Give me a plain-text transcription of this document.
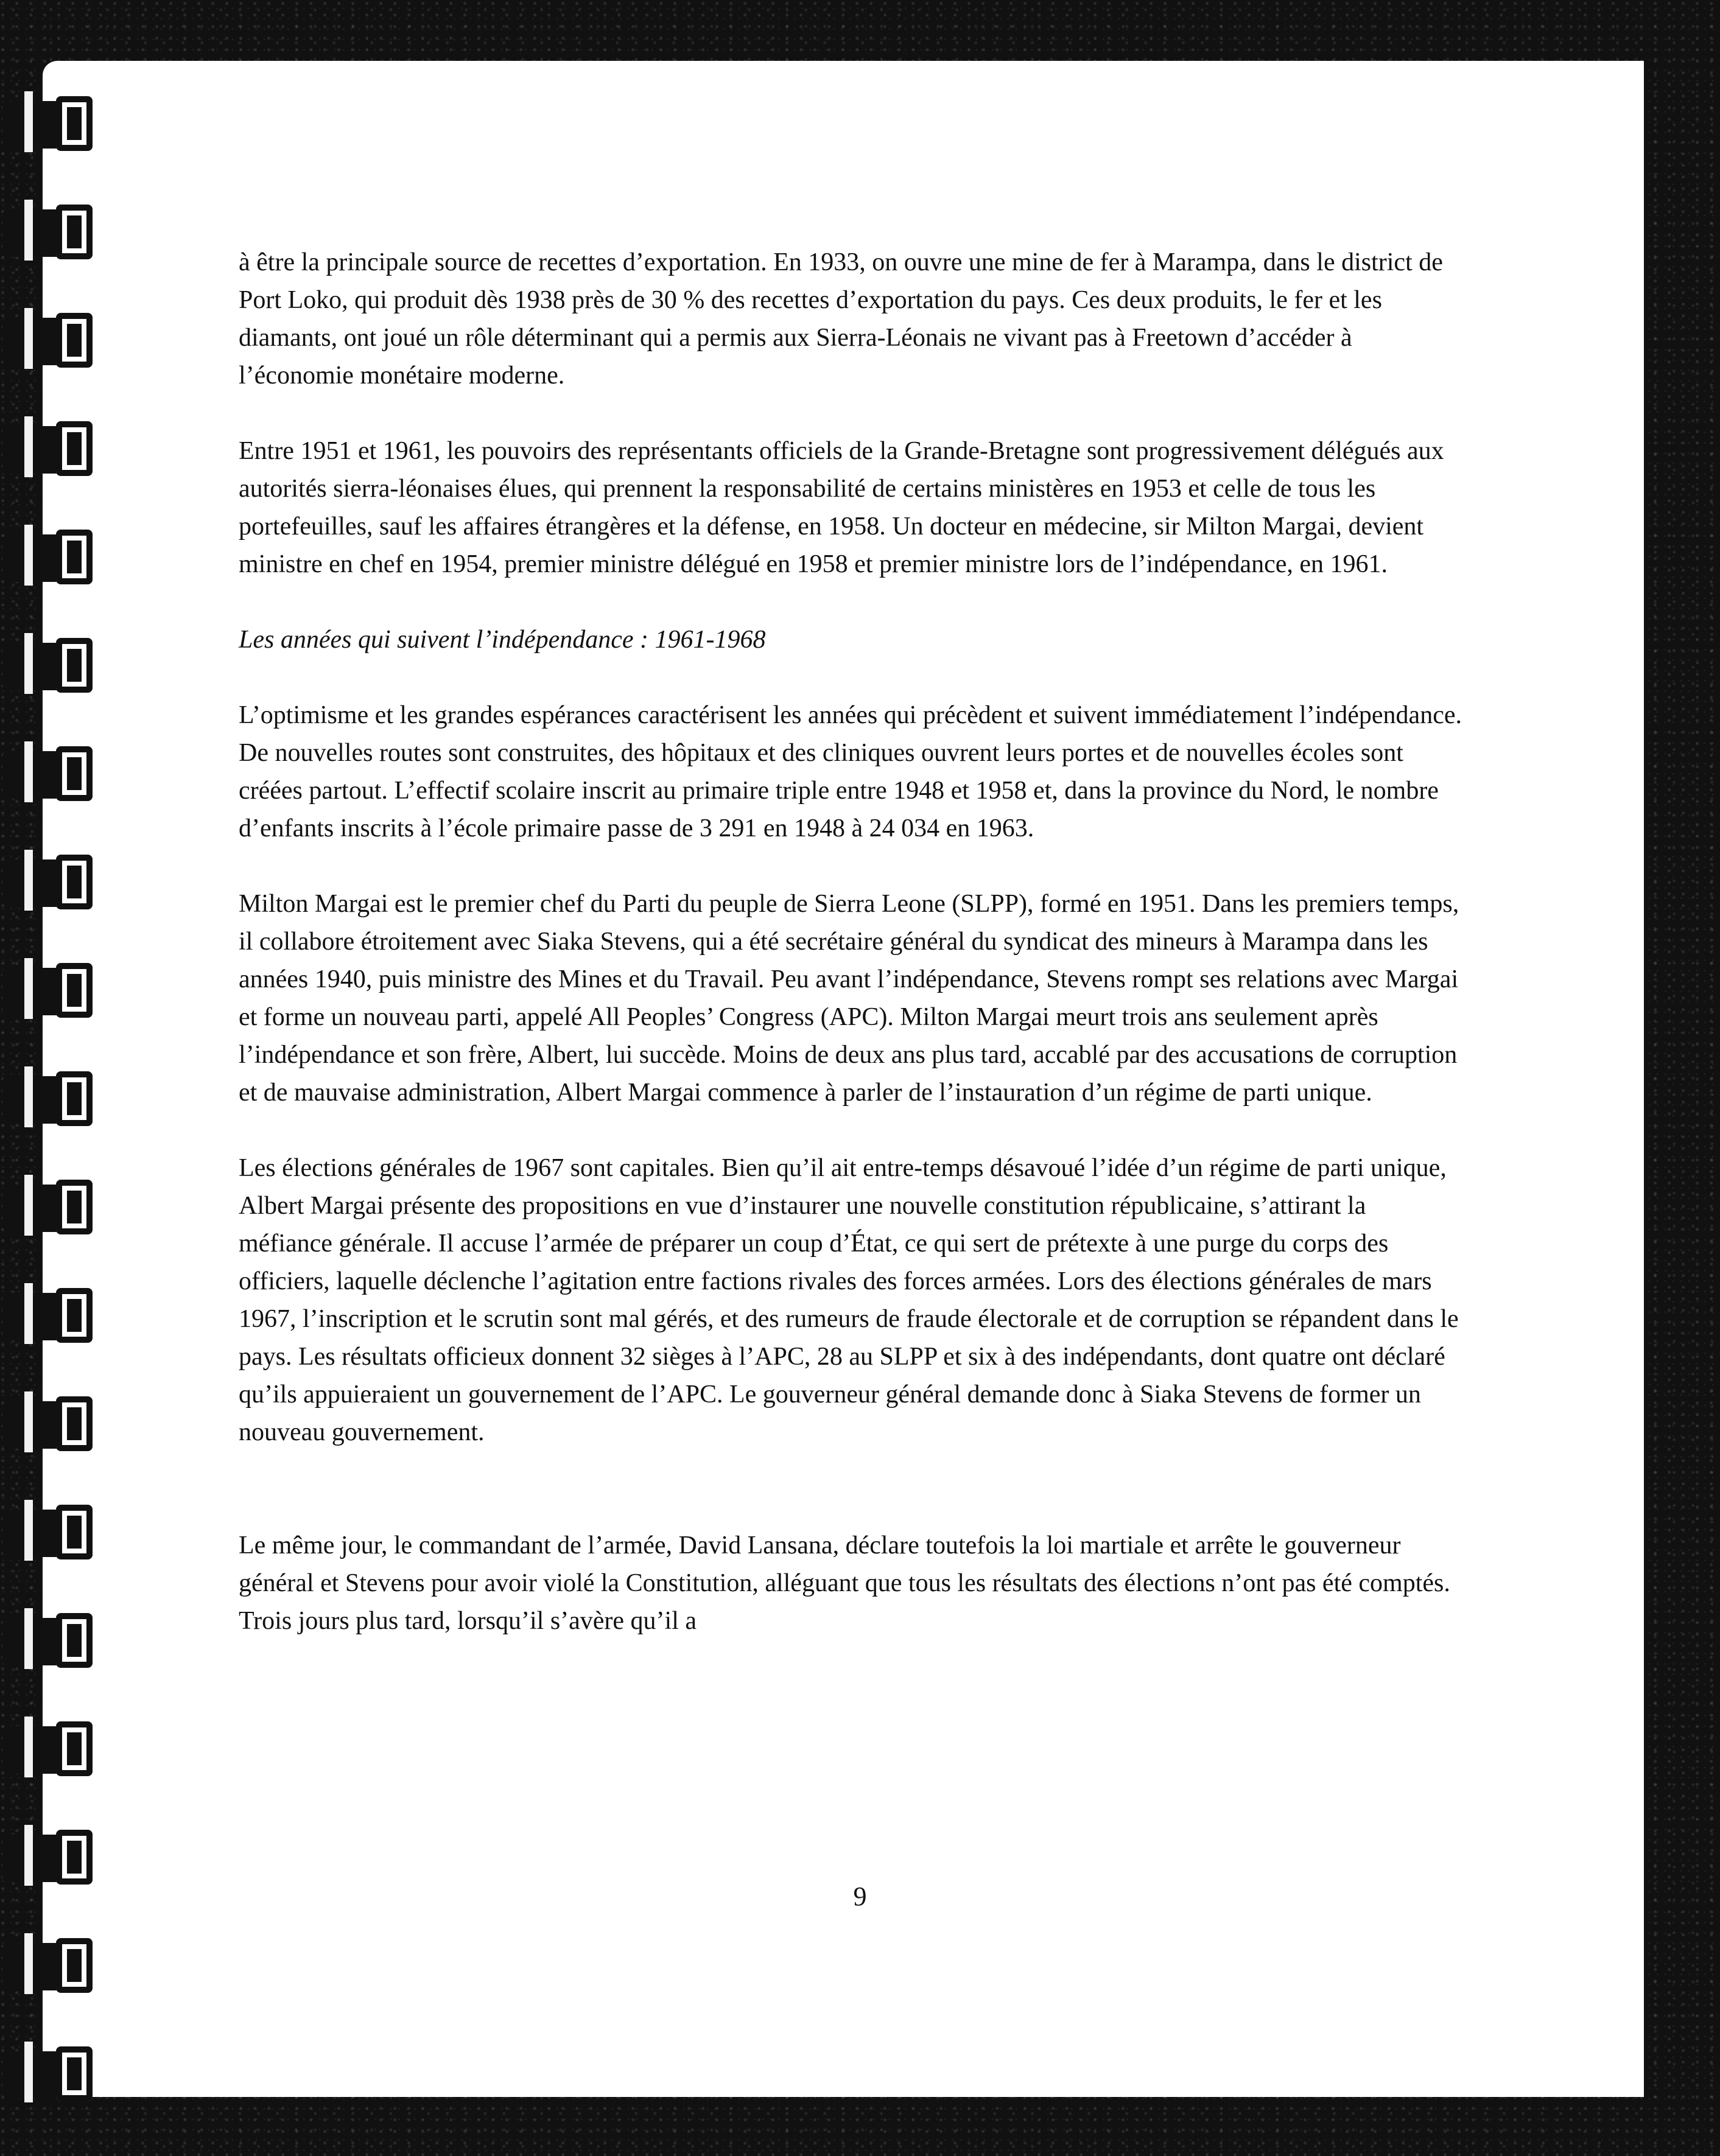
à être la principale source de recettes d’exportation. En 1933, on ouvre une mine de fer à Marampa, dans le district de Port Loko, qui produit dès 1938 près de 30 % des recettes d’exportation du pays. Ces deux produits, le fer et les diamants, ont joué un rôle déterminant qui a permis aux Sierra-Léonais ne vivant pas à Freetown d’accéder à l’économie monétaire moderne.

Entre 1951 et 1961, les pouvoirs des représentants officiels de la Grande-Bretagne sont progressivement délégués aux autorités sierra-léonaises élues, qui prennent la responsabilité de certains ministères en 1953 et celle de tous les portefeuilles, sauf les affaires étrangères et la défense, en 1958. Un docteur en médecine, sir Milton Margai, devient ministre en chef en 1954, premier ministre délégué en 1958 et premier ministre lors de l’indépendance, en 1961.

Les années qui suivent l’indépendance : 1961-1968

L’optimisme et les grandes espérances caractérisent les années qui précèdent et suivent immédiatement l’indépendance. De nouvelles routes sont construites, des hôpitaux et des cliniques ouvrent leurs portes et de nouvelles écoles sont créées partout. L’effectif scolaire inscrit au primaire triple entre 1948 et 1958 et, dans la province du Nord, le nombre d’enfants inscrits à l’école primaire passe de 3 291 en 1948 à 24 034 en 1963.

Milton Margai est le premier chef du Parti du peuple de Sierra Leone (SLPP), formé en 1951. Dans les premiers temps, il collabore étroitement avec Siaka Stevens, qui a été secrétaire général du syndicat des mineurs à Marampa dans les années 1940, puis ministre des Mines et du Travail. Peu avant l’indépendance, Stevens rompt ses relations avec Margai et forme un nouveau parti, appelé All Peoples’ Congress (APC). Milton Margai meurt trois ans seulement après l’indépendance et son frère, Albert, lui succède. Moins de deux ans plus tard, accablé par des accusations de corruption et de mauvaise administration, Albert Margai commence à parler de l’instauration d’un régime de parti unique.

Les élections générales de 1967 sont capitales. Bien qu’il ait entre-temps désavoué l’idée d’un régime de parti unique, Albert Margai présente des propositions en vue d’instaurer une nouvelle constitution républicaine, s’attirant la méfiance générale. Il accuse l’armée de préparer un coup d’État, ce qui sert de prétexte à une purge du corps des officiers, laquelle déclenche l’agitation entre factions rivales des forces armées. Lors des élections générales de mars 1967, l’inscription et le scrutin sont mal gérés, et des rumeurs de fraude électorale et de corruption se répandent dans le pays. Les résultats officieux donnent 32 sièges à l’APC, 28 au SLPP et six à des indépendants, dont quatre ont déclaré qu’ils appuieraient un gouvernement de l’APC. Le gouverneur général demande donc à Siaka Stevens de former un nouveau gouvernement.

Le même jour, le commandant de l’armée, David Lansana, déclare toutefois la loi martiale et arrête le gouverneur général et Stevens pour avoir violé la Constitution, alléguant que tous les résultats des élections n’ont pas été comptés. Trois jours plus tard, lorsqu’il s’avère qu’il a

9
